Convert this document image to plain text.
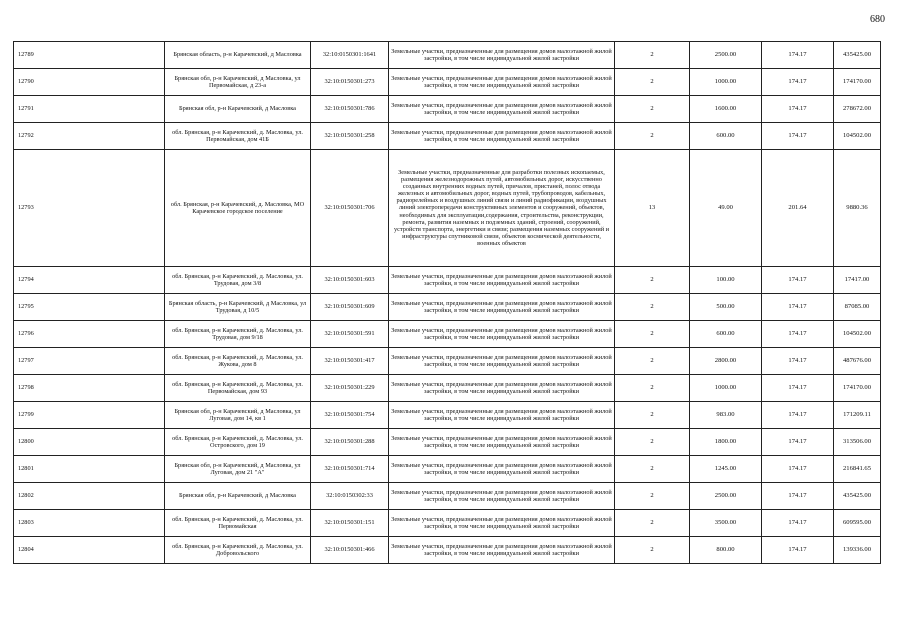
680
12789	Брянская область, р-н Карачевский, д Масловка	32:10:0150301:1641	Земельные участки, предназначенные для размещения домов малоэтажной жилой застройки, в том числе индивидуальной жилой застройки	2	2500.00	174.17	435425.00
12790	Брянская обл, р-н Карачевский, д Масловка, ул Первомайская, д 23-а	32:10:0150301:273	Земельные участки, предназначенные для размещения домов малоэтажной жилой застройки, в том числе индивидуальной жилой застройки	2	1000.00	174.17	174170.00
12791	Брянская обл, р-н Карачевский, д Масловка	32:10:0150301:786	Земельные участки, предназначенные для размещения домов малоэтажной жилой застройки, в том числе индивидуальной жилой застройки	2	1600.00	174.17	278672.00
12792	обл. Брянская, р-н Карачевский, д. Масловка, ул. Первомайская, дом 41Б	32:10:0150301:258	Земельные участки, предназначенные для размещения домов малоэтажной жилой застройки, в том числе индивидуальной жилой застройки	2	600.00	174.17	104502.00
12793	обл. Брянская, р-н Карачевский, д. Масловка, МО Карачевское городское поселение	32:10:0150301:706	Земельные участки, предназначенные для разработки полезных ископаемых, размещения железнодорожных путей, автомобильных дорог, искусственно созданных внутренних водных путей, причалов, пристаней, полос отвода железных и автомобильных дорог, водных путей, трубопроводов, кабельных, радиорелейных и воздушных линий связи и линий радиофикации, воздушных линий электропередачи конструктивных элементов и сооружений, объектов, необходимых для эксплуатации,содержания, строительства, реконструкции, ремонта, развития наземных и подземных зданий, строений, сооружений, устройств транспорта, энергетики и связи; размещения наземных сооружений и инфраструктуры спутниковой связи, объектов космической деятельности, военных объектов	13	49.00	201.64	9880.36
12794	обл. Брянская, р-н Карачевский, д. Масловка, ул. Трудовая, дом 3/8	32:10:0150301:603	Земельные участки, предназначенные для размещения домов малоэтажной жилой застройки, в том числе индивидуальной жилой застройки	2	100.00	174.17	17417.00
12795	Брянская область, р-н Карачевский, д Масловка, ул Трудовая, д 10/5	32:10:0150301:609	Земельные участки, предназначенные для размещения домов малоэтажной жилой застройки, в том числе индивидуальной жилой застройки	2	500.00	174.17	87085.00
12796	обл. Брянская, р-н Карачевский, д. Масловка, ул. Трудовая, дом 9/18	32:10:0150301:591	Земельные участки, предназначенные для размещения домов малоэтажной жилой застройки, в том числе индивидуальной жилой застройки	2	600.00	174.17	104502.00
12797	обл. Брянская, р-н Карачевский, д. Масловка, ул. Жукова, дом 8	32:10:0150301:417	Земельные участки, предназначенные для размещения домов малоэтажной жилой застройки, в том числе индивидуальной жилой застройки	2	2800.00	174.17	487676.00
12798	обл. Брянская, р-н Карачевский, д. Масловка, ул. Первомайская, дом 93	32:10:0150301:229	Земельные участки, предназначенные для размещения домов малоэтажной жилой застройки, в том числе индивидуальной жилой застройки	2	1000.00	174.17	174170.00
12799	Брянская обл, р-н Карачевский, д Масловка, ул Луговая, дом 14, кв 1	32:10:0150301:754	Земельные участки, предназначенные для размещения домов малоэтажной жилой застройки, в том числе индивидуальной жилой застройки	2	983.00	174.17	171209.11
12800	обл. Брянская, р-н Карачевский, д. Масловка, ул. Островского, дом 19	32:10:0150301:288	Земельные участки, предназначенные для размещения домов малоэтажной жилой застройки, в том числе индивидуальной жилой застройки	2	1800.00	174.17	313506.00
12801	Брянская обл, р-н Карачевский, д Масловка, ул Луговая, дом 21 "А"	32:10:0150301:714	Земельные участки, предназначенные для размещения домов малоэтажной жилой застройки, в том числе индивидуальной жилой застройки	2	1245.00	174.17	216841.65
12802	Брянская обл, р-н Карачевский, д Масловка	32:10:0150302:33	Земельные участки, предназначенные для размещения домов малоэтажной жилой застройки, в том числе индивидуальной жилой застройки	2	2500.00	174.17	435425.00
12803	обл. Брянская, р-н Карачевский, д. Масловка, ул. Первомайская	32:10:0150301:151	Земельные участки, предназначенные для размещения домов малоэтажной жилой застройки, в том числе индивидуальной жилой застройки	2	3500.00	174.17	609595.00
12804	обл. Брянская, р-н Карачевский, д. Масловка, ул. Добровольского	32:10:0150301:466	Земельные участки, предназначенные для размещения домов малоэтажной жилой застройки, в том числе индивидуальной жилой застройки	2	800.00	174.17	139336.00
